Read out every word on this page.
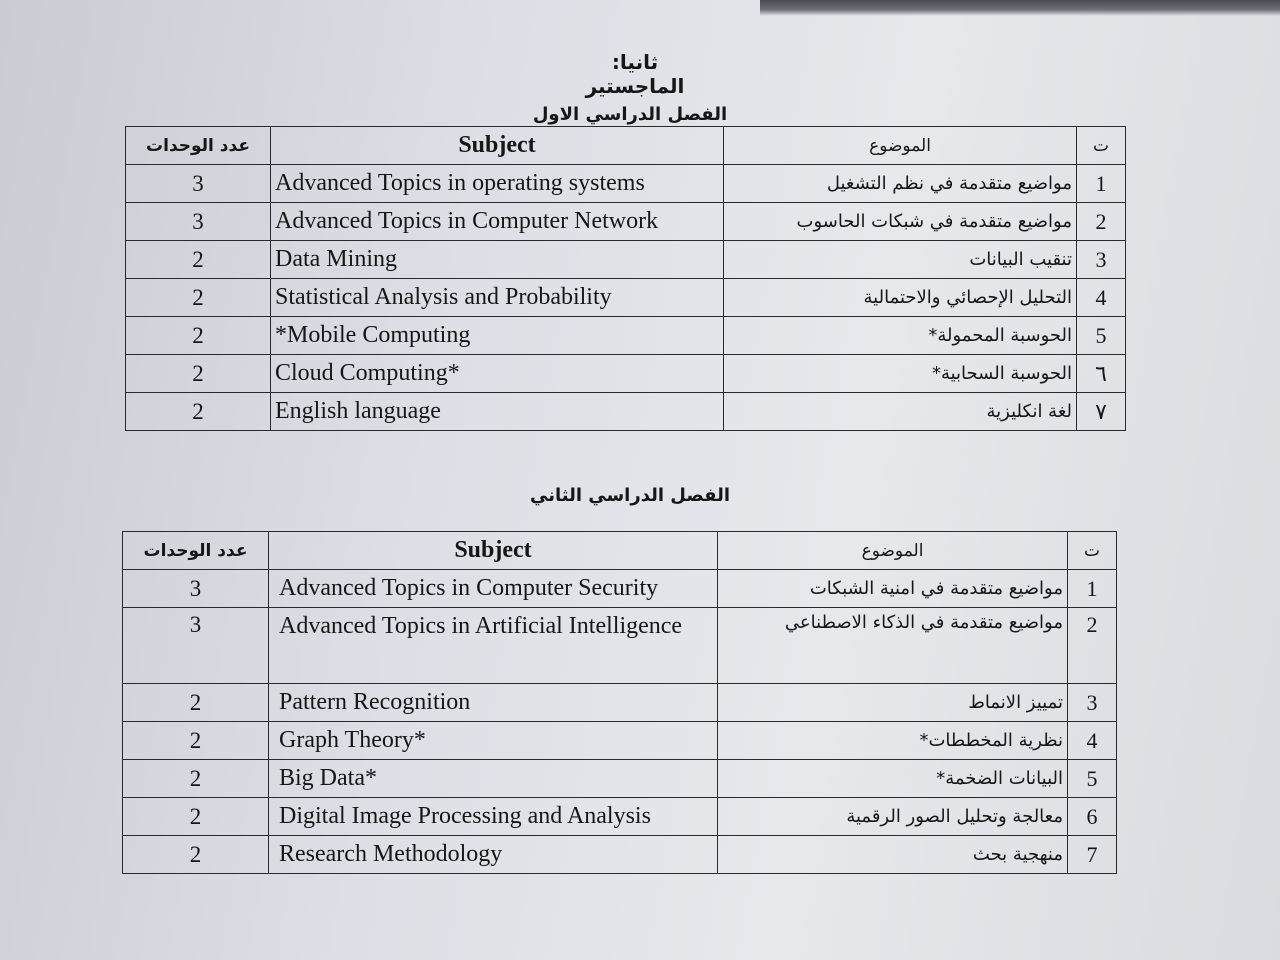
ثانيا: الماجستير
الفصل الدراسي الاول
الفصل الدراسي الثاني
عدد الوحدات	Subject	الموضوع	ت
3	Advanced Topics in operating systems	مواضيع متقدمة في نظم التشغيل	1
3	Advanced Topics in Computer Network	مواضيع متقدمة في شبكات الحاسوب	2
2	Data Mining	تنقيب البيانات	3
2	Statistical Analysis and Probability	التحليل الإحصائي والاحتمالية	4
2	*Mobile Computing	الحوسبة المحمولة*	5
2	Cloud Computing*	الحوسبة السحابية*	٦
2	English language	لغة انكليزية	٧
عدد الوحدات	Subject	الموضوع	ت
3	Advanced Topics in Computer Security	مواضيع متقدمة في امنية الشبكات	1
3	Advanced Topics in Artificial Intelligence	مواضيع متقدمة في الذكاء الاصطناعي	2
2	Pattern Recognition	تمييز الانماط	3
2	Graph Theory*	نظرية المخططات*	4
2	Big Data*	البيانات الضخمة*	5
2	Digital Image Processing and Analysis	معالجة وتحليل الصور الرقمية	6
2	Research Methodology	منهجية بحث	7
